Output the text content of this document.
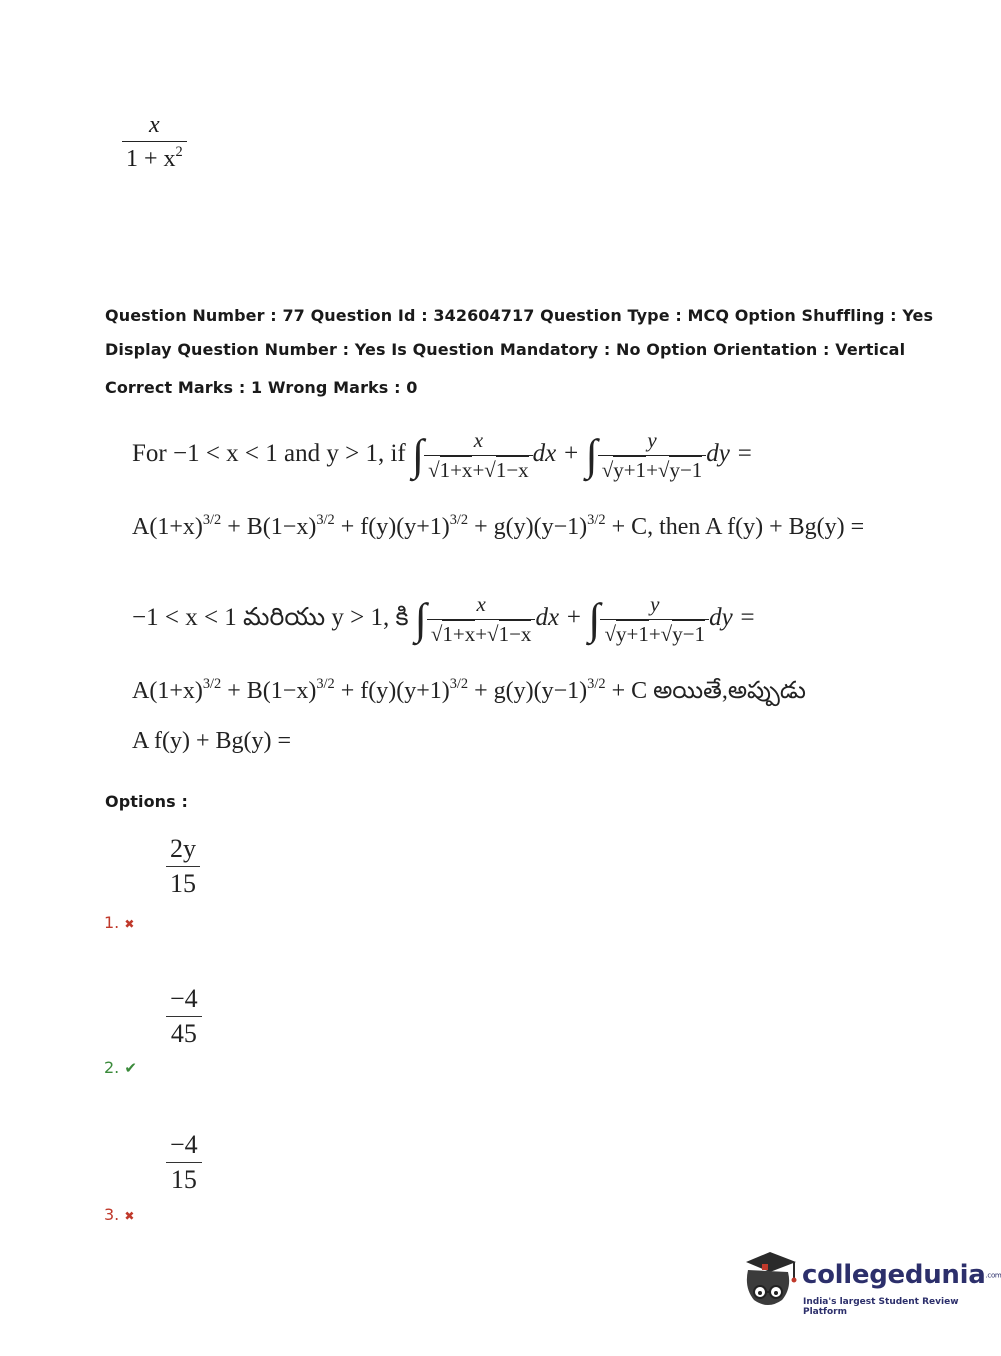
$\frac{x}{1 + x^2}$
Question Number : 77 Question Id : 342604717 Question Type : MCQ Option Shuffling : Yes
Display Question Number : Yes Is Question Mandatory : No Option Orientation : Vertical
Correct Marks : 1 Wrong Marks : 0
For −1 < x < 1 and y > 1, if ∫ $\frac{x}{√1+x+√1-x}$ dx + ∫ $\frac{y}{√y+1+√y-1}$ dy =
$A(1+x)^{3/2} + B(1-x)^{3/2} + f(y)(y+1)^{3/2} + g(y)(y-1)^{3/2} + C$, then A f(y) + Bg(y) =
−1 < x < 1 మరియు y > 1, కి ∫ $\frac{x}{√1+x+√1-x}$ dx + ∫ $\frac{y}{√y+1+√y-1}$ dy =
$A(1+x)^{3/2} + B(1-x)^{3/2} + f(y)(y+1)^{3/2} + g(y)(y-1)^{3/2} + C$ అయితే,అప్పుడు
A f(y) + Bg(y) =
Options :
$\frac{2y}{15}$
1. ✖
$\frac{-4}{45}$
2. ✔
$\frac{-4}{15}$
3. ✖
collegedunia.com
India's largest Student Review Platform
